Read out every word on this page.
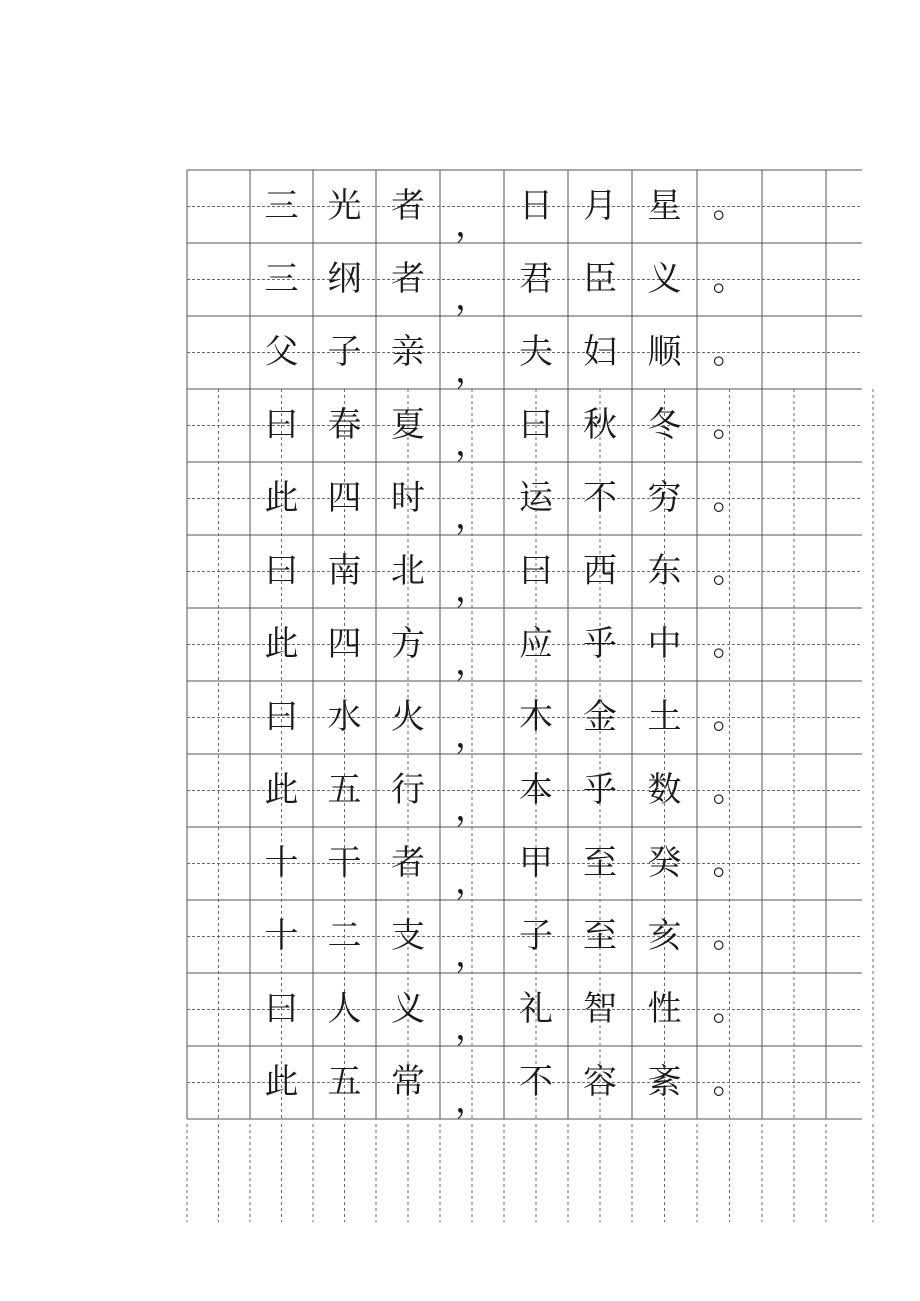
三 光 者 ， 日 月 星 。
三 纲 者 ， 君 臣 义 。
父 子 亲 ， 夫 妇 顺 。
曰 春 夏 ， 曰 秋 冬 。
此 四 时 ， 运 不 穷 。
曰 南 北 ， 曰 西 东 。
此 四 方 ， 应 乎 中 。
曰 水 火 ， 木 金 土 。
此 五 行 ， 本 乎 数 。
十 干 者 ， 甲 至 癸 。
十 二 支 ， 子 至 亥 。
曰 人 义 ， 礼 智 性 。
此 五 常 ， 不 容 紊 。
